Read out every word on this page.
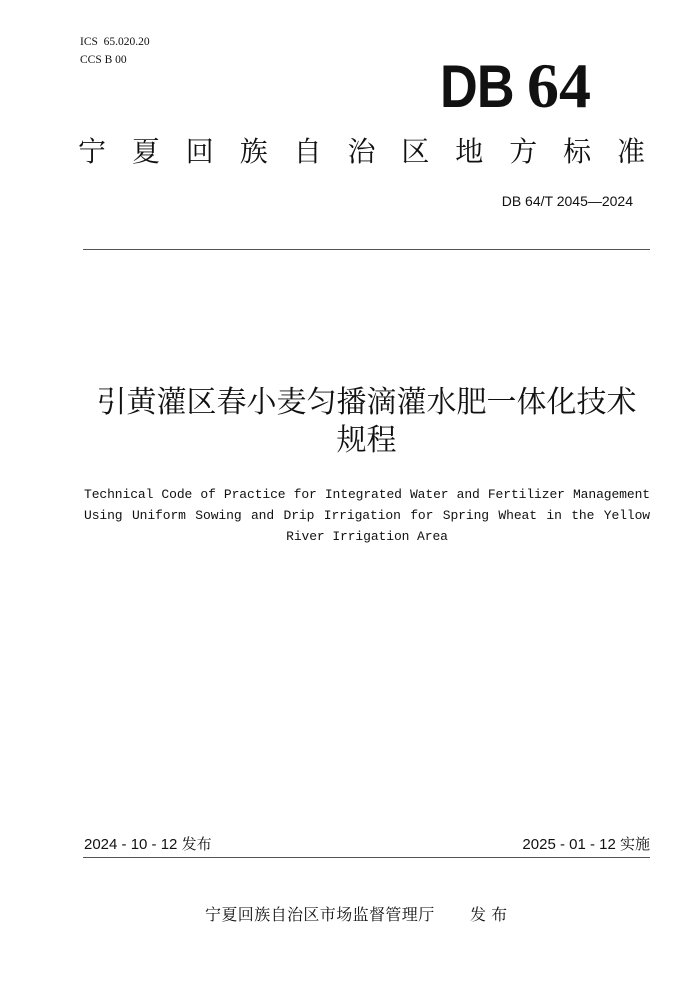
ICS  65.020.20
CCS B 00	DB 64
宁 夏 回 族 自 治 区 地 方 标 准
DB 64/T 2045—2024
引黄灌区春小麦匀播滴灌水肥一体化技术
规程
Technical Code of Practice for Integrated Water and Fertilizer Management
Using Uniform Sowing and Drip Irrigation for Spring Wheat in the Yellow
River Irrigation Area
2024 - 10 - 12 发布	2025 - 01 - 12 实施
宁夏回族自治区市场监督管理厅 发 布
